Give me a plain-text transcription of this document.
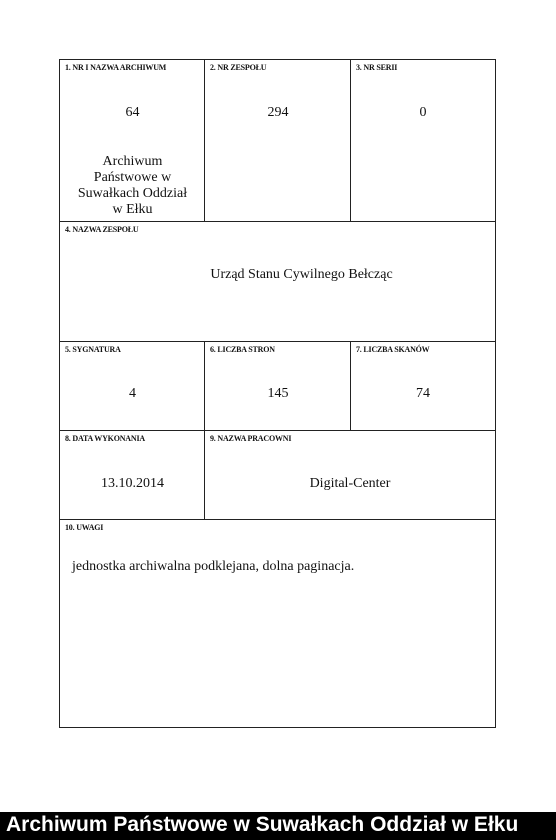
1. NR I NAZWA ARCHIWUM
64
Archiwum Państwowe w Suwałkach Oddział w Ełku
2. NR ZESPOŁU
294
3. NR SERII
0
4. NAZWA ZESPOŁU
Urząd Stanu Cywilnego Bełcząc
5. SYGNATURA
4
6. LICZBA STRON
145
7. LICZBA SKANÓW
74
8. DATA WYKONANIA
13.10.2014
9. NAZWA PRACOWNI
Digital-Center
10. UWAGI
jednostka archiwalna podklejana, dolna paginacja.
Archiwum Państwowe w Suwałkach Oddział w Ełku
